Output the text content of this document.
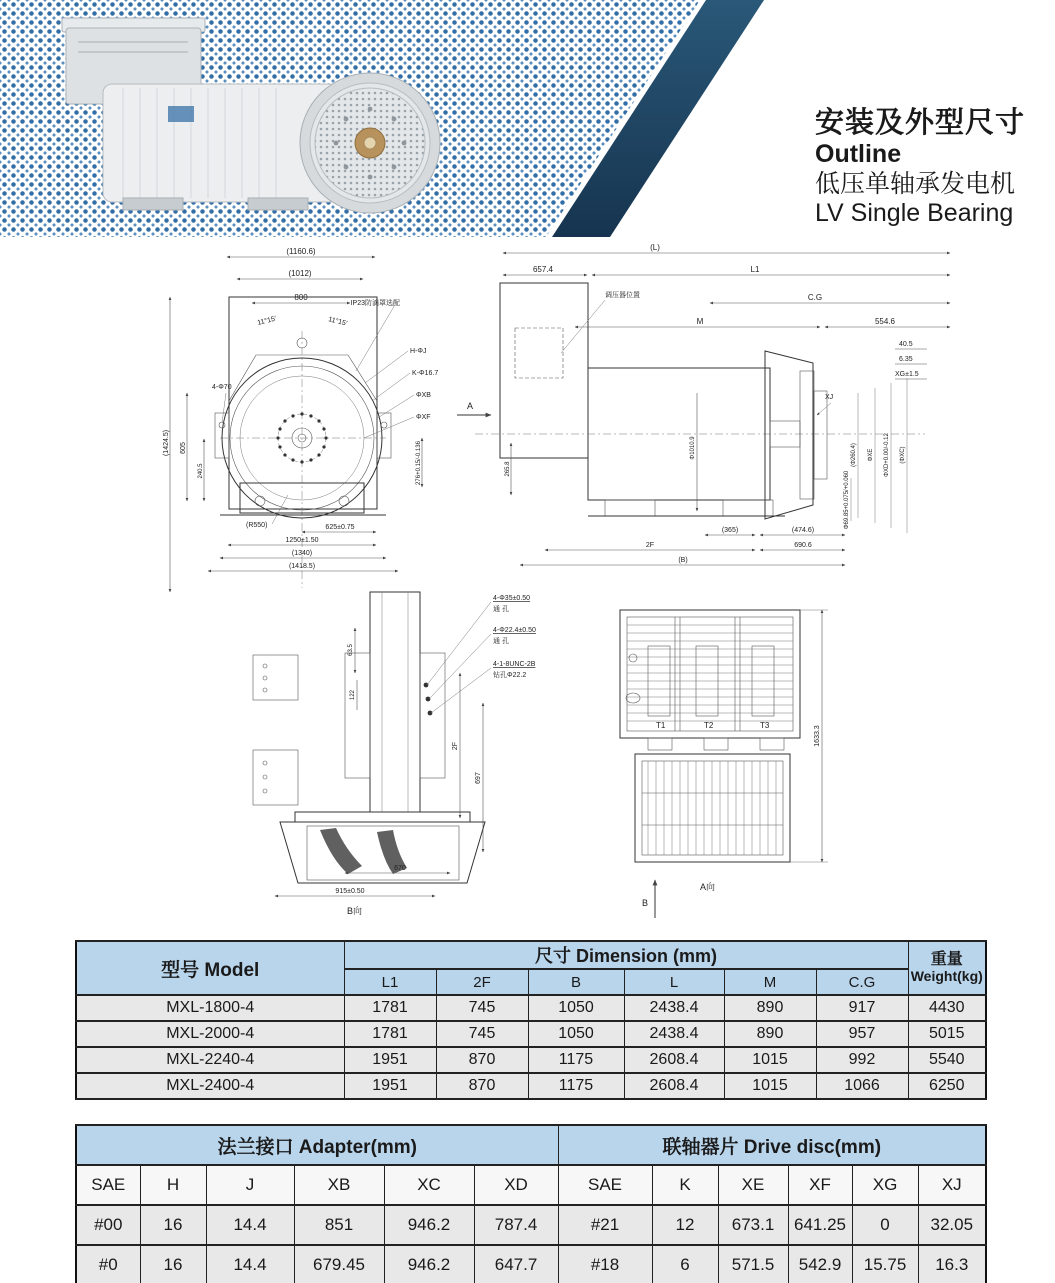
安装及外型尺寸
Outline
低压单轴承发电机
LV Single Bearing
(1160.6)
(1012)
800
11°15′	11°15′
IP23防滴罩选配
H-ΦJ
K-Φ16.7
ΦXB
ΦXF
(1424.5) 605
240.5
4-Φ70
276+0.15/-0.136
(R550)	625±0.75
1250±1.50
(1340)
(1418.5)
(L)
657.4	L1
C.G
M	554.6
40.5
6.35
XG±1.5
调压器位置
XJ
(Φ260.4) ΦXE ΦXD+0.00/-0.12 (ΦXC)
265.8
Φ1010.9
Φ69.85+0.075/+0.060
(365)	(474.6)
2F	690.6
(B)
A
4-Φ35±0.50
通 孔
4-Φ22.4±0.50
通 孔
4-1-8UNC-2B
钻孔Φ22.2
63.5
122
2F
697
670
915±0.50
B向
T1	T2	T3	1633.3
A向
B
型号 Model	尺寸 Dimension (mm)						重量
Weight(kg)

	L1	2F	B	L	M	C.G	
MXL-1800-4	1781	745	1050	2438.4	890	917	4430
MXL-2000-4	1781	745	1050	2438.4	890	957	5015
MXL-2240-4	1951	870	1175	2608.4	1015	992	5540
MXL-2400-4	1951	870	1175	2608.4	1015	1066	6250
法兰接口 Adapter(mm)						联轴器片 Drive disc(mm)					
SAE	H	J	XB	XC	XD	SAE	K	XE	XF	XG	XJ
#00	16	14.4	851	946.2	787.4	#21	12	673.1	641.25	0	32.05
#0	16	14.4	679.45	946.2	647.7	#18	6	571.5	542.9	15.75	16.3
